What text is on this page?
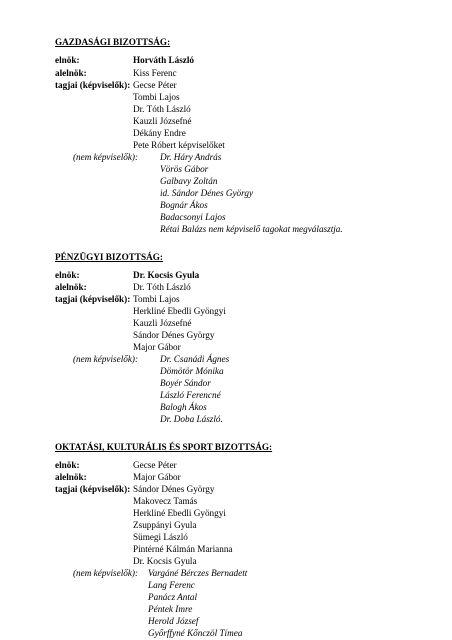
GAZDASÁGI BIZOTTSÁG:
elnök:	Horváth László
alelnök:	Kiss Ferenc
tagjai (képviselők): Gecse Péter
Tombi Lajos
Dr. Tóth László
Kauzli Józsefné
Dékány Endre
Pete Róbert képviselőket
(nem képviselők): Dr. Háry András
Vörös Gábor
Galbavy Zoltán
id. Sándor Dénes György
Bognár Ákos
Badacsonyi Lajos
Rétai Balázs nem képviselő tagokat megválasztja.
PÉNZÜGYI BIZOTTSÁG:
elnök:	Dr. Kocsis Gyula
alelnök:	Dr. Tóth László
tagjai (képviselők): Tombi Lajos
Herkliné Ebedli Gyöngyi
Kauzli Józsefné
Sándor Dénes György
Major Gábor
(nem képviselők): Dr. Csanádi Ágnes
Dömötör Mónika
Boyér Sándor
László Ferencné
Balogh Ákos
Dr. Doba László.
OKTATÁSI, KULTURÁLIS ÉS SPORT BIZOTTSÁG:
elnök:	Gecse Péter
alelnök:	Major Gábor
tagjai (képviselők): Sándor Dénes György
Makovecz Tamás
Herkliné Ebedli Gyöngyi
Zsuppányi Gyula
Sümegi László
Pintérné Kálmán Marianna
Dr. Kocsis Gyula
(nem képviselők): Vargáné Bérczes Bernadett
Lang Ferenc
Panácz Antal
Péntek Imre
Herold József
Győrffyné Kőnczöl Tímea
